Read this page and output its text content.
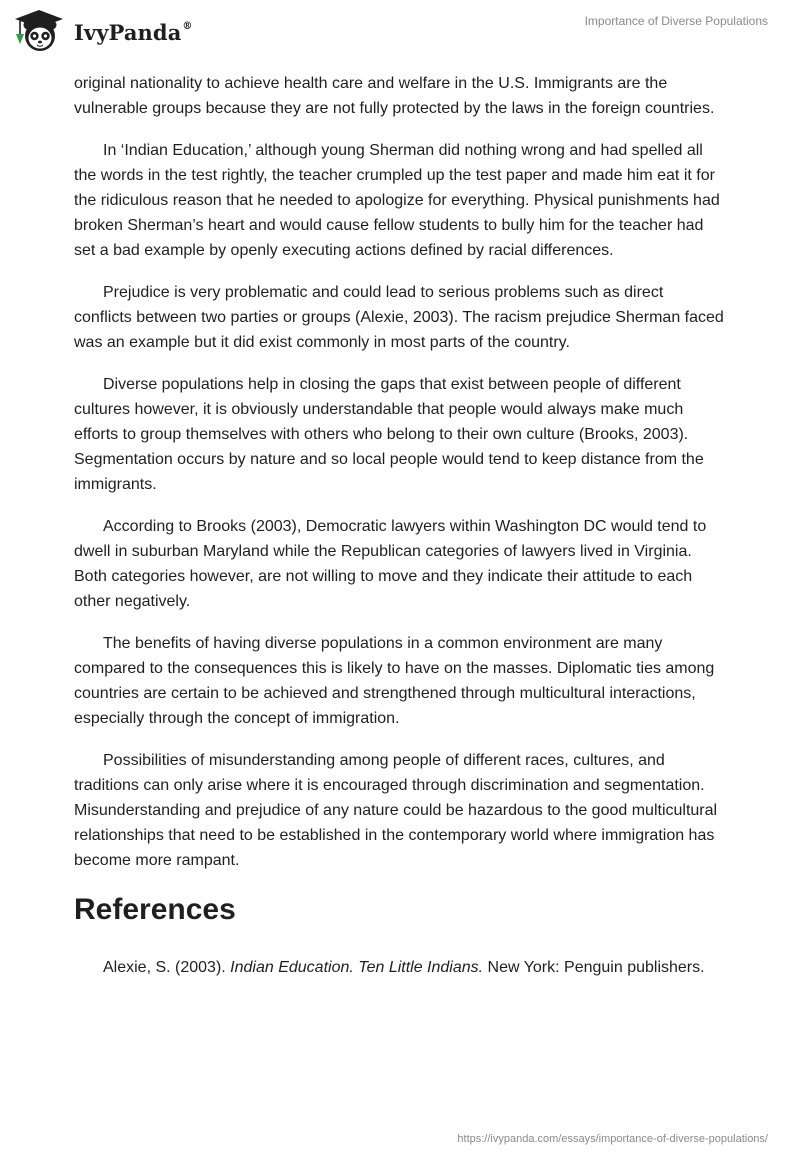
IvyPanda®	Importance of Diverse Populations

original nationality to achieve health care and welfare in the U.S. Immigrants are the vulnerable groups because they are not fully protected by the laws in the foreign countries.

In ‘Indian Education,’ although young Sherman did nothing wrong and had spelled all the words in the test rightly, the teacher crumpled up the test paper and made him eat it for the ridiculous reason that he needed to apologize for everything. Physical punishments had broken Sherman’s heart and would cause fellow students to bully him for the teacher had set a bad example by openly executing actions defined by racial differences.

Prejudice is very problematic and could lead to serious problems such as direct conflicts between two parties or groups (Alexie, 2003). The racism prejudice Sherman faced was an example but it did exist commonly in most parts of the country.

Diverse populations help in closing the gaps that exist between people of different cultures however, it is obviously understandable that people would always make much efforts to group themselves with others who belong to their own culture (Brooks, 2003). Segmentation occurs by nature and so local people would tend to keep distance from the immigrants.

According to Brooks (2003), Democratic lawyers within Washington DC would tend to dwell in suburban Maryland while the Republican categories of lawyers lived in Virginia. Both categories however, are not willing to move and they indicate their attitude to each other negatively.

The benefits of having diverse populations in a common environment are many compared to the consequences this is likely to have on the masses. Diplomatic ties among countries are certain to be achieved and strengthened through multicultural interactions, especially through the concept of immigration.

Possibilities of misunderstanding among people of different races, cultures, and traditions can only arise where it is encouraged through discrimination and segmentation. Misunderstanding and prejudice of any nature could be hazardous to the good multicultural relationships that need to be established in the contemporary world where immigration has become more rampant.

References

Alexie, S. (2003). Indian Education. Ten Little Indians. New York: Penguin publishers.

https://ivypanda.com/essays/importance-of-diverse-populations/
